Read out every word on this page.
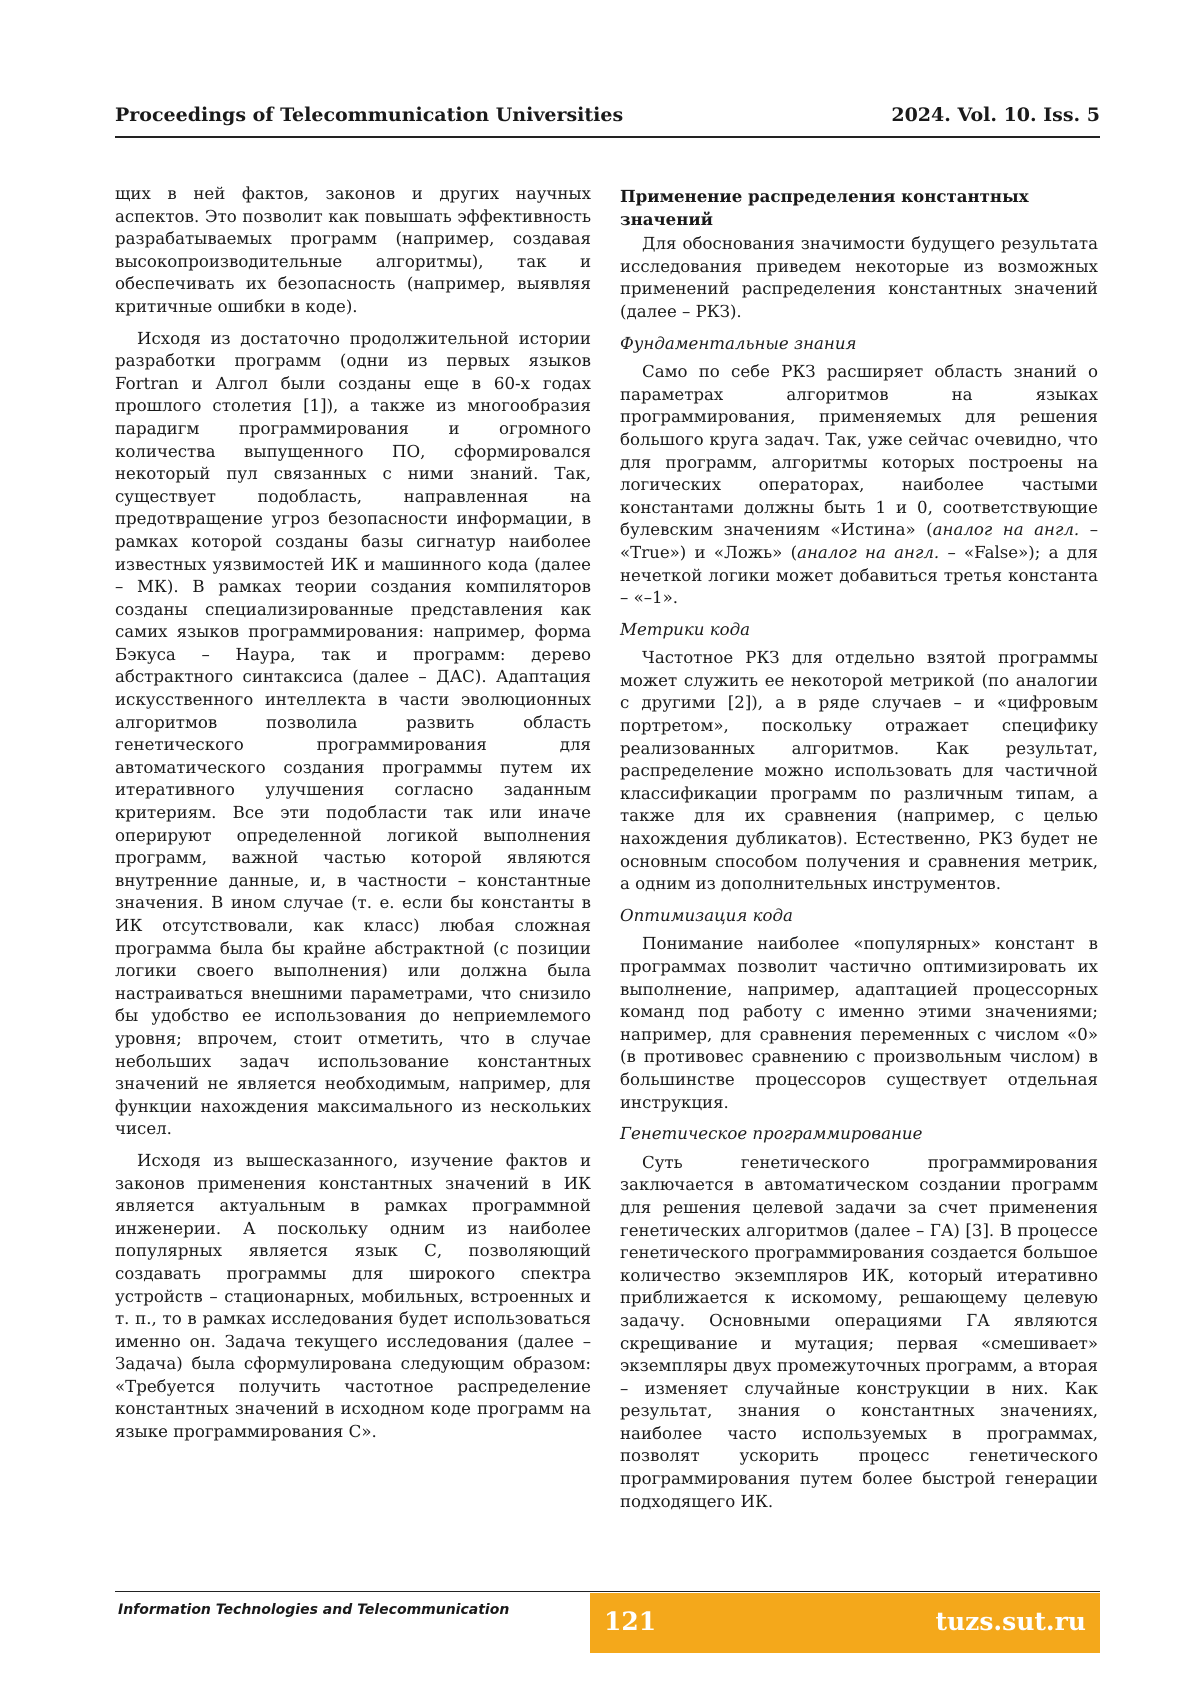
Proceedings of Telecommunication Universities	2024. Vol. 10. Iss. 5

щих в ней фактов, законов и других научных аспектов. Это позволит как повышать эффективность разрабатываемых программ (например, создавая высокопроизводительные алгоритмы), так и обеспечивать их безопасность (например, выявляя критичные ошибки в коде).

Исходя из достаточно продолжительной истории разработки программ (одни из первых языков Fortran и Алгол были созданы еще в 60-х годах прошлого столетия [1]), а также из многообразия парадигм программирования и огромного количества выпущенного ПО, сформировался некоторый пул связанных с ними знаний. Так, существует подобласть, направленная на предотвращение угроз безопасности информации, в рамках которой созданы базы сигнатур наиболее известных уязвимостей ИК и машинного кода (далее – МК). В рамках теории создания компиляторов созданы специализированные представления как самих языков программирования: например, форма Бэкуса – Наура, так и программ: дерево абстрактного синтаксиса (далее – ДАС). Адаптация искусственного интеллекта в части эволюционных алгоритмов позволила развить область генетического программирования для автоматического создания программы путем их итеративного улучшения согласно заданным критериям. Все эти подобласти так или иначе оперируют определенной логикой выполнения программ, важной частью которой являются внутренние данные, и, в частности – константные значения. В ином случае (т. е. если бы константы в ИК отсутствовали, как класс) любая сложная программа была бы крайне абстрактной (с позиции логики своего выполнения) или должна была настраиваться внешними параметрами, что снизило бы удобство ее использования до неприемлемого уровня; впрочем, стоит отметить, что в случае небольших задач использование константных значений не является необходимым, например, для функции нахождения максимального из нескольких чисел.

Исходя из вышесказанного, изучение фактов и законов применения константных значений в ИК является актуальным в рамках программной инженерии. А поскольку одним из наиболее популярных является язык С, позволяющий создавать программы для широкого спектра устройств – стационарных, мобильных, встроенных и т. п., то в рамках исследования будет использоваться именно он. Задача текущего исследования (далее – Задача) была сформулирована следующим образом: «Требуется получить частотное распределение константных значений в исходном коде программ на языке программирования С».

Применение распределения константных значений

Для обоснования значимости будущего результата исследования приведем некоторые из возможных применений распределения константных значений (далее – РКЗ).

Фундаментальные знания

Само по себе РКЗ расширяет область знаний о параметрах алгоритмов на языках программирования, применяемых для решения большого круга задач. Так, уже сейчас очевидно, что для программ, алгоритмы которых построены на логических операторах, наиболее частыми константами должны быть 1 и 0, соответствующие булевским значениям «Истина» (аналог на англ. – «True») и «Ложь» (аналог на англ. – «False»); а для нечеткой логики может добавиться третья константа – «–1».

Метрики кода

Частотное РКЗ для отдельно взятой программы может служить ее некоторой метрикой (по аналогии с другими [2]), а в ряде случаев – и «цифровым портретом», поскольку отражает специфику реализованных алгоритмов. Как результат, распределение можно использовать для частичной классификации программ по различным типам, а также для их сравнения (например, с целью нахождения дубликатов). Естественно, РКЗ будет не основным способом получения и сравнения метрик, а одним из дополнительных инструментов.

Оптимизация кода

Понимание наиболее «популярных» констант в программах позволит частично оптимизировать их выполнение, например, адаптацией процессорных команд под работу с именно этими значениями; например, для сравнения переменных с числом «0» (в противовес сравнению с произвольным числом) в большинстве процессоров существует отдельная инструкция.

Генетическое программирование

Суть генетического программирования заключается в автоматическом создании программ для решения целевой задачи за счет применения генетических алгоритмов (далее – ГА) [3]. В процессе генетического программирования создается большое количество экземпляров ИК, который итеративно приближается к искомому, решающему целевую задачу. Основными операциями ГА являются скрещивание и мутация; первая «смешивает» экземпляры двух промежуточных программ, а вторая – изменяет случайные конструкции в них. Как результат, знания о константных значениях, наиболее часто используемых в программах, позволят ускорить процесс генетического программирования путем более быстрой генерации подходящего ИК.

Information Technologies and Telecommunication	121	tuzs.sut.ru
